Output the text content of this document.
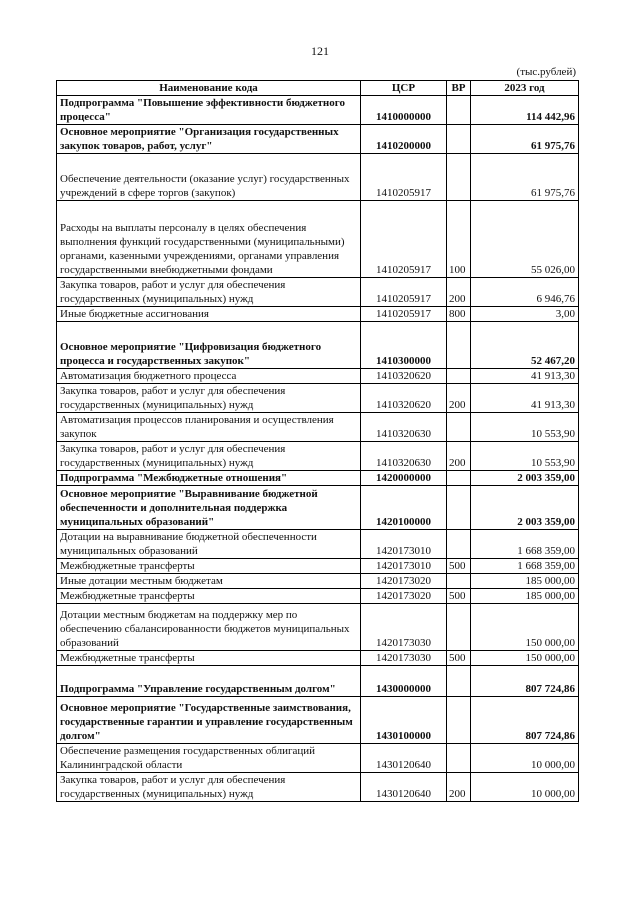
121
(тыс.рублей)
Наименование кода	ЦСР	ВР	2023 год
Подпрограмма "Повышение эффективности бюджетного процесса"	1410000000		114 442,96
Основное мероприятие "Организация государственных закупок товаров, работ, услуг"	1410200000		61 975,76
Обеспечение деятельности (оказание услуг) государственных учреждений в сфере торгов (закупок)	1410205917		61 975,76
Расходы на выплаты персоналу в целях обеспечения выполнения функций государственными (муниципальными) органами, казенными учреждениями, органами управления государственными внебюджетными фондами	1410205917	100	55 026,00
Закупка товаров, работ и услуг для обеспечения государственных (муниципальных) нужд	1410205917	200	6 946,76
Иные бюджетные ассигнования	1410205917	800	3,00
Основное мероприятие "Цифровизация бюджетного процесса и государственных закупок"	1410300000		52 467,20
Автоматизация бюджетного процесса	1410320620		41 913,30
Закупка товаров, работ и услуг для обеспечения государственных (муниципальных) нужд	1410320620	200	41 913,30
Автоматизация процессов планирования и осуществления закупок	1410320630		10 553,90
Закупка товаров, работ и услуг для обеспечения государственных (муниципальных) нужд	1410320630	200	10 553,90
Подпрограмма "Межбюджетные отношения"	1420000000		2 003 359,00
Основное мероприятие "Выравнивание бюджетной обеспеченности и дополнительная поддержка муниципальных образований"	1420100000		2 003 359,00
Дотации на выравнивание бюджетной обеспеченности муниципальных образований	1420173010		1 668 359,00
Межбюджетные трансферты	1420173010	500	1 668 359,00
Иные дотации местным бюджетам	1420173020		185 000,00
Межбюджетные трансферты	1420173020	500	185 000,00
Дотации местным бюджетам на поддержку мер по обеспечению сбалансированности бюджетов муниципальных образований	1420173030		150 000,00
Межбюджетные трансферты	1420173030	500	150 000,00
Подпрограмма "Управление государственным долгом"	1430000000		807 724,86
Основное мероприятие "Государственные заимствования, государственные гарантии и управление государственным долгом"	1430100000		807 724,86
Обеспечение размещения государственных облигаций Калининградской области	1430120640		10 000,00
Закупка товаров, работ и услуг для обеспечения государственных (муниципальных) нужд	1430120640	200	10 000,00
